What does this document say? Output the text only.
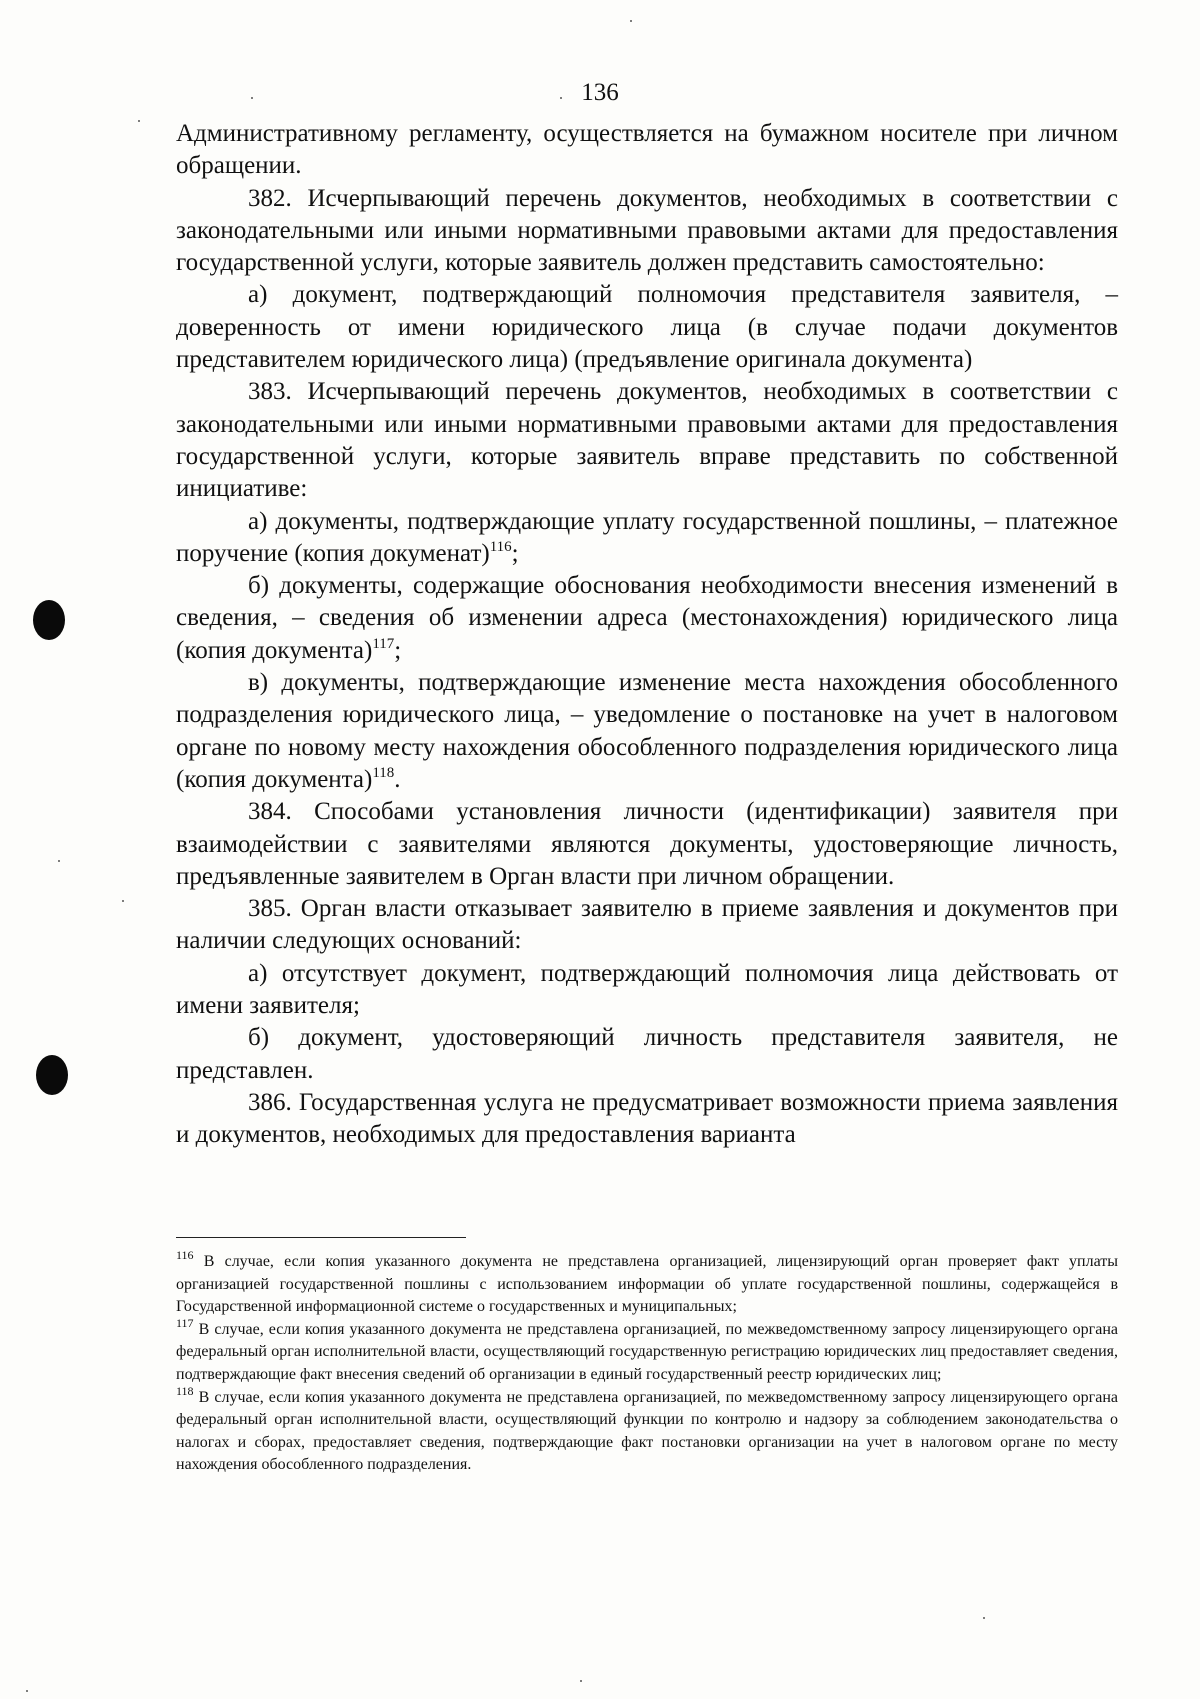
136

Административному регламенту, осуществляется на бумажном носителе при личном обращении.

382. Исчерпывающий перечень документов, необходимых в соответствии с законодательными или иными нормативными правовыми актами для предоставления государственной услуги, которые заявитель должен представить самостоятельно:

а) документ, подтверждающий полномочия представителя заявителя, – доверенность от имени юридического лица (в случае подачи документов представителем юридического лица) (предъявление оригинала документа)

383. Исчерпывающий перечень документов, необходимых в соответствии с законодательными или иными нормативными правовыми актами для предоставления государственной услуги, которые заявитель вправе представить по собственной инициативе:

а) документы, подтверждающие уплату государственной пошлины, – платежное поручение (копия докуменат)$^{116}$;

б) документы, содержащие обоснования необходимости внесения изменений в сведения, – сведения об изменении адреса (местонахождения) юридического лица (копия документа)$^{117}$;

в) документы, подтверждающие изменение места нахождения обособленного подразделения юридического лица, – уведомление о постановке на учет в налоговом органе по новому месту нахождения обособленного подразделения юридического лица (копия документа)$^{118}$.

384. Способами установления личности (идентификации) заявителя при взаимодействии с заявителями являются документы, удостоверяющие личность, предъявленные заявителем в Орган власти при личном обращении.

385. Орган власти отказывает заявителю в приеме заявления и документов при наличии следующих оснований:

а) отсутствует документ, подтверждающий полномочия лица действовать от имени заявителя;

б) документ, удостоверяющий личность представителя заявителя, не представлен.

386. Государственная услуга не предусматривает возможности приема заявления и документов, необходимых для предоставления варианта

$^{116}$ В случае, если копия указанного документа не представлена организацией, лицензирующий орган проверяет факт уплаты организацией государственной пошлины с использованием информации об уплате государственной пошлины, содержащейся в Государственной информационной системе о государственных и муниципальных;

$^{117}$ В случае, если копия указанного документа не представлена организацией, по межведомственному запросу лицензирующего органа федеральный орган исполнительной власти, осуществляющий государственную регистрацию юридических лиц предоставляет сведения, подтверждающие факт внесения сведений об организации в единый государственный реестр юридических лиц;

$^{118}$ В случае, если копия указанного документа не представлена организацией, по межведомственному запросу лицензирующего органа федеральный орган исполнительной власти, осуществляющий функции по контролю и надзору за соблюдением законодательства о налогах и сборах, предоставляет сведения, подтверждающие факт постановки организации на учет в налоговом органе по месту нахождения обособленного подразделения.
